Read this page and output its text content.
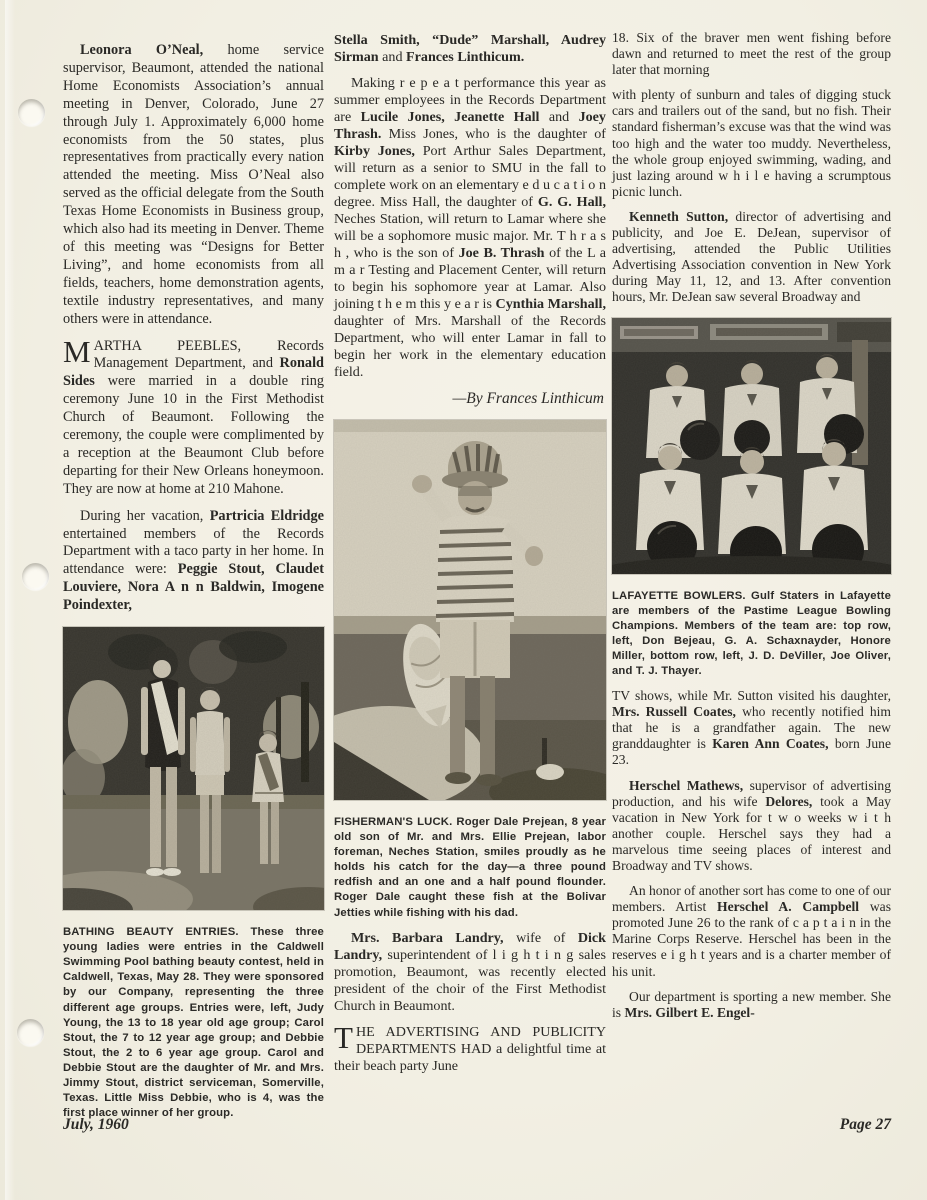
Leonora O’Neal, home service supervisor, Beaumont, attended the national Home Economists Association’s annual meeting in Denver, Colorado, June 27 through July 1. Approximately 6,000 home economists from the 50 states, plus representatives from practically every nation attended the meeting. Miss O’Neal also served as the official delegate from the South Texas Home Economists in Business group, which also had its meeting in Denver. Theme of this meeting was “Designs for Better Living”, and home economists from all fields, teachers, home demonstration agents, textile industry representatives, and many others were in attendance.

MARTHA PEEBLES, Records Management Department, and Ronald Sides were married in a double ring ceremony June 10 in the First Methodist Church of Beaumont. Following the ceremony, the couple were complimented by a reception at the Beaumont Club before departing for their New Orleans honeymoon. They are now at home at 210 Mahone.

During her vacation, Partricia Eldridge entertained members of the Records Department with a taco party in her home. In attendance were: Peggie Stout, Claudet Louviere, Nora A n n Baldwin, Imogene Poindexter,

BATHING BEAUTY ENTRIES. These three young ladies were entries in the Caldwell Swimming Pool bathing beauty contest, held in Caldwell, Texas, May 28. They were sponsored by our Company, representing the three different age groups. Entries were, left, Judy Young, the 13 to 18 year old age group; Carol Stout, the 7 to 12 year age group; and Debbie Stout, the 2 to 6 year age group. Carol and Debbie Stout are the daughter of Mr. and Mrs. Jimmy Stout, district serviceman, Somerville, Texas. Little Miss Debbie, who is 4, was the first place winner of her group.

Stella Smith, “Dude” Marshall, Audrey Sirman and Frances Linthicum.

Making r e p e a t performance this year as summer employees in the Records Department are Lucile Jones, Jeanette Hall and Joey Thrash. Miss Jones, who is the daughter of Kirby Jones, Port Arthur Sales Department, will return as a senior to SMU in the fall to complete work on an elementary e d u c a t i o n degree. Miss Hall, the daughter of G. G. Hall, Neches Station, will return to Lamar where she will be a sophomore music major. Mr. T h r a s h , who is the son of Joe B. Thrash of the L a m a r Testing and Placement Center, will return to begin his sophomore year at Lamar. Also joining t h e m this y e a r is Cynthia Marshall, daughter of Mrs. Marshall of the Records Department, who will enter Lamar in fall to begin her work in the elementary education field.

—By Frances Linthicum

FISHERMAN'S LUCK. Roger Dale Prejean, 8 year old son of Mr. and Mrs. Ellie Prejean, labor foreman, Neches Station, smiles proudly as he holds his catch for the day—a three pound redfish and an one and a half pound flounder. Roger Dale caught these fish at the Bolivar Jetties while fishing with his dad.

Mrs. Barbara Landry, wife of Dick Landry, superintendent of l i g h t i n g sales promotion, Beaumont, was recently elected president of the choir of the First Methodist Church in Beaumont.

THE ADVERTISING AND PUBLICITY DEPARTMENTS HAD a delightful time at their beach party June

18. Six of the braver men went fishing before dawn and returned to meet the rest of the group later that morning

with plenty of sunburn and tales of digging stuck cars and trailers out of the sand, but no fish. Their standard fisherman’s excuse was that the wind was too high and the water too muddy. Nevertheless, the whole group enjoyed swimming, wading, and just lazing around w h i l e having a scrumptous picnic lunch.

Kenneth Sutton, director of advertising and publicity, and Joe E. DeJean, supervisor of advertising, attended the Public Utilities Advertising Association convention in New York during May 11, 12, and 13. After convention hours, Mr. DeJean saw several Broadway and

LAFAYETTE BOWLERS. Gulf Staters in Lafayette are members of the Pastime League Bowling Champions. Members of the team are: top row, left, Don Bejeau, G. A. Schaxnayder, Honore Miller, bottom row, left, J. D. DeViller, Joe Oliver, and T. J. Thayer.

TV shows, while Mr. Sutton visited his daughter, Mrs. Russell Coates, who recently notified him that he is a grandfather again. The new granddaughter is Karen Ann Coates, born June 23.

Herschel Mathews, supervisor of advertising production, and his wife Delores, took a May vacation in New York for t w o weeks w i t h another couple. Herschel says they had a marvelous time seeing places of interest and Broadway and TV shows.

An honor of another sort has come to one of our members. Artist Herschel A. Campbell was promoted June 26 to the rank of c a p t a i n in the Marine Corps Reserve. Herschel has been in the reserves e i g h t years and is a charter member of his unit.

Our department is sporting a new member. She is Mrs. Gilbert E. Engel-

July, 1960	Page 27
